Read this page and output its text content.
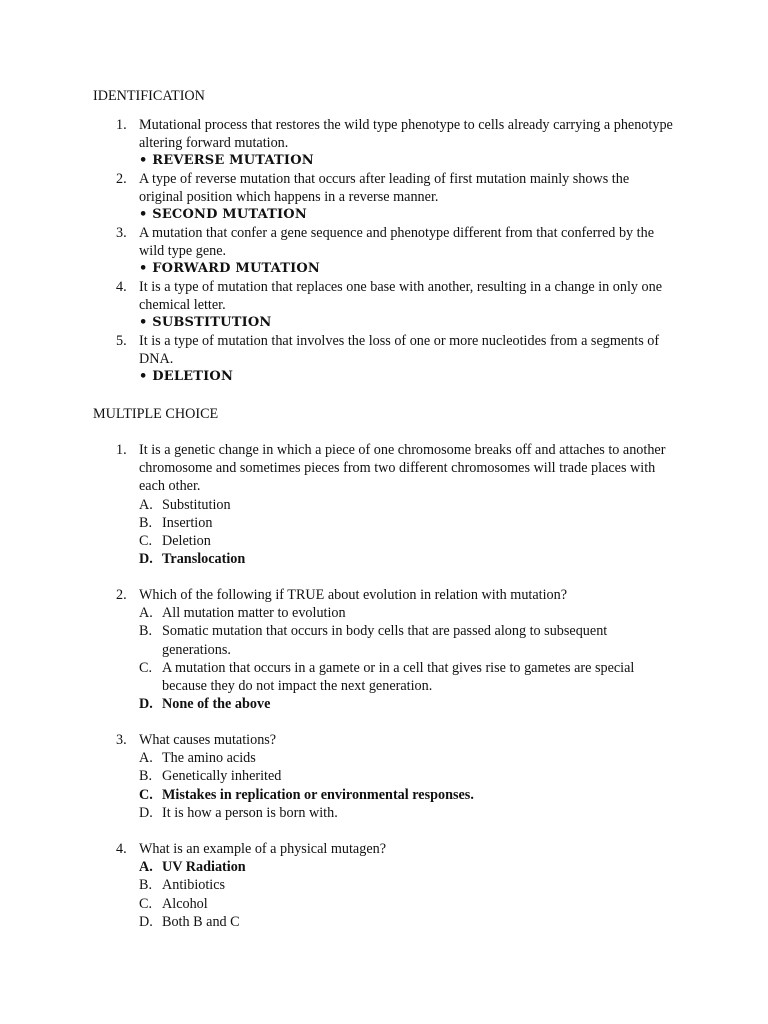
IDENTIFICATION
1. Mutational process that restores the wild type phenotype to cells already carrying a phenotype altering forward mutation.
• REVERSE MUTATION
2. A type of reverse mutation that occurs after leading of first mutation mainly shows the original position which happens in a reverse manner.
• SECOND MUTATION
3. A mutation that confer a gene sequence and phenotype different from that conferred by the wild type gene.
• FORWARD MUTATION
4. It is a type of mutation that replaces one base with another, resulting in a change in only one chemical letter.
• SUBSTITUTION
5. It is a type of mutation that involves the loss of one or more nucleotides from a segments of DNA.
• DELETION
MULTIPLE CHOICE
1. It is a genetic change in which a piece of one chromosome breaks off and attaches to another chromosome and sometimes pieces from two different chromosomes will trade places with each other.
A. Substitution
B. Insertion
C. Deletion
D. Translocation
2. Which of the following if TRUE about evolution in relation with mutation?
A. All mutation matter to evolution
B. Somatic mutation that occurs in body cells that are passed along to subsequent generations.
C. A mutation that occurs in a gamete or in a cell that gives rise to gametes are special because they do not impact the next generation.
D. None of the above
3. What causes mutations?
A. The amino acids
B. Genetically inherited
C. Mistakes in replication or environmental responses.
D. It is how a person is born with.
4. What is an example of a physical mutagen?
A. UV Radiation
B. Antibiotics
C. Alcohol
D. Both B and C
